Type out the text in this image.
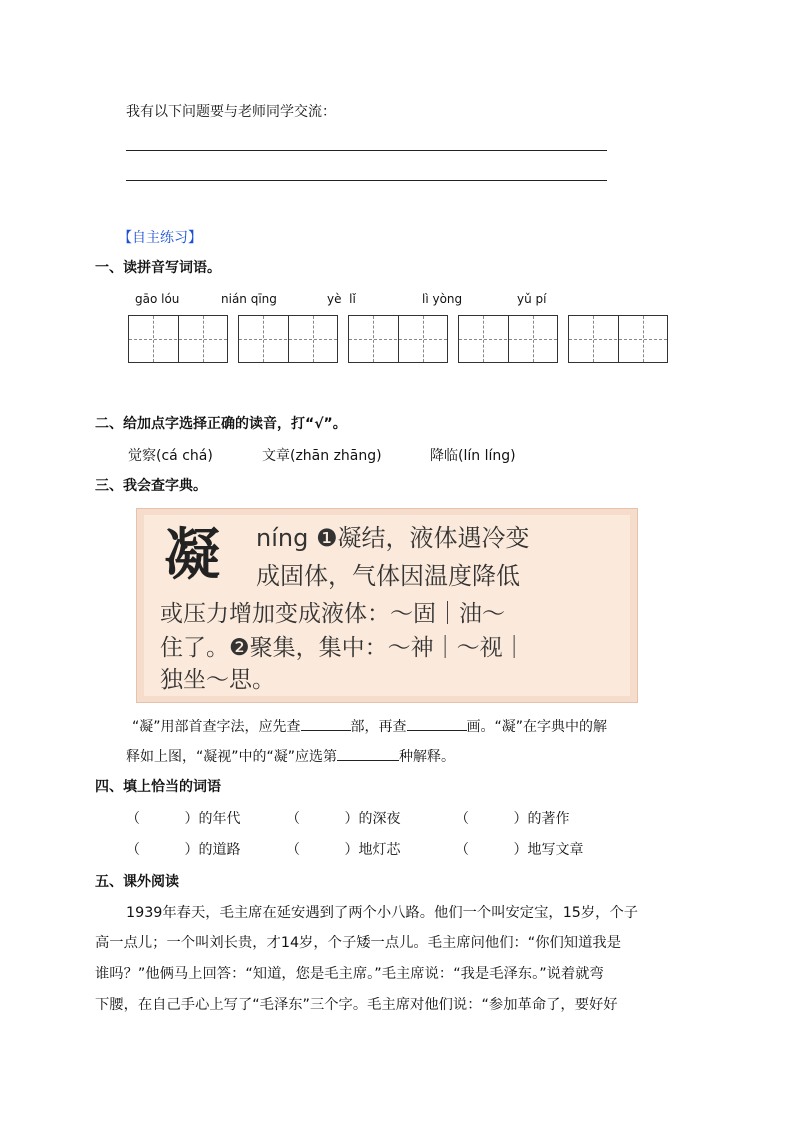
我有以下问题要与老师同学交流：
【自主练习】
一、读拼音写词语。
gāo lóu	nián qīng	yè  lǐ	lì yòng	yǔ pí
二、给加点字选择正确的读音，打“√”。
觉察(cá chá)	文章(zhān zhāng)	降临(lín líng)
三、我会查字典。
凝 níng ❶凝结，液体遇冷变
成固体，气体因温度降低
或压力增加变成液体：～固｜油～
住了。❷聚集，集中：～神｜～视｜
独坐～思。
“凝”用部首查字法，应先查	部，再查	画。“凝”在字典中的解
释如上图，“凝视”中的“凝”应选第	种解释。
四、填上恰当的词语
（          ）的年代	（          ）的深夜	（          ）的著作
（          ）的道路	（          ）地灯芯	（          ）地写文章
五、课外阅读
1939年春天，毛主席在延安遇到了两个小八路。他们一个叫安定宝，15岁，个子
高一点儿；一个叫刘长贵，才14岁，个子矮一点儿。毛主席问他们：“你们知道我是
谁吗？”他俩马上回答：“知道，您是毛主席。”毛主席说：“我是毛泽东。”说着就弯
下腰，在自己手心上写了“毛泽东”三个字。毛主席对他们说：“参加革命了，要好好
